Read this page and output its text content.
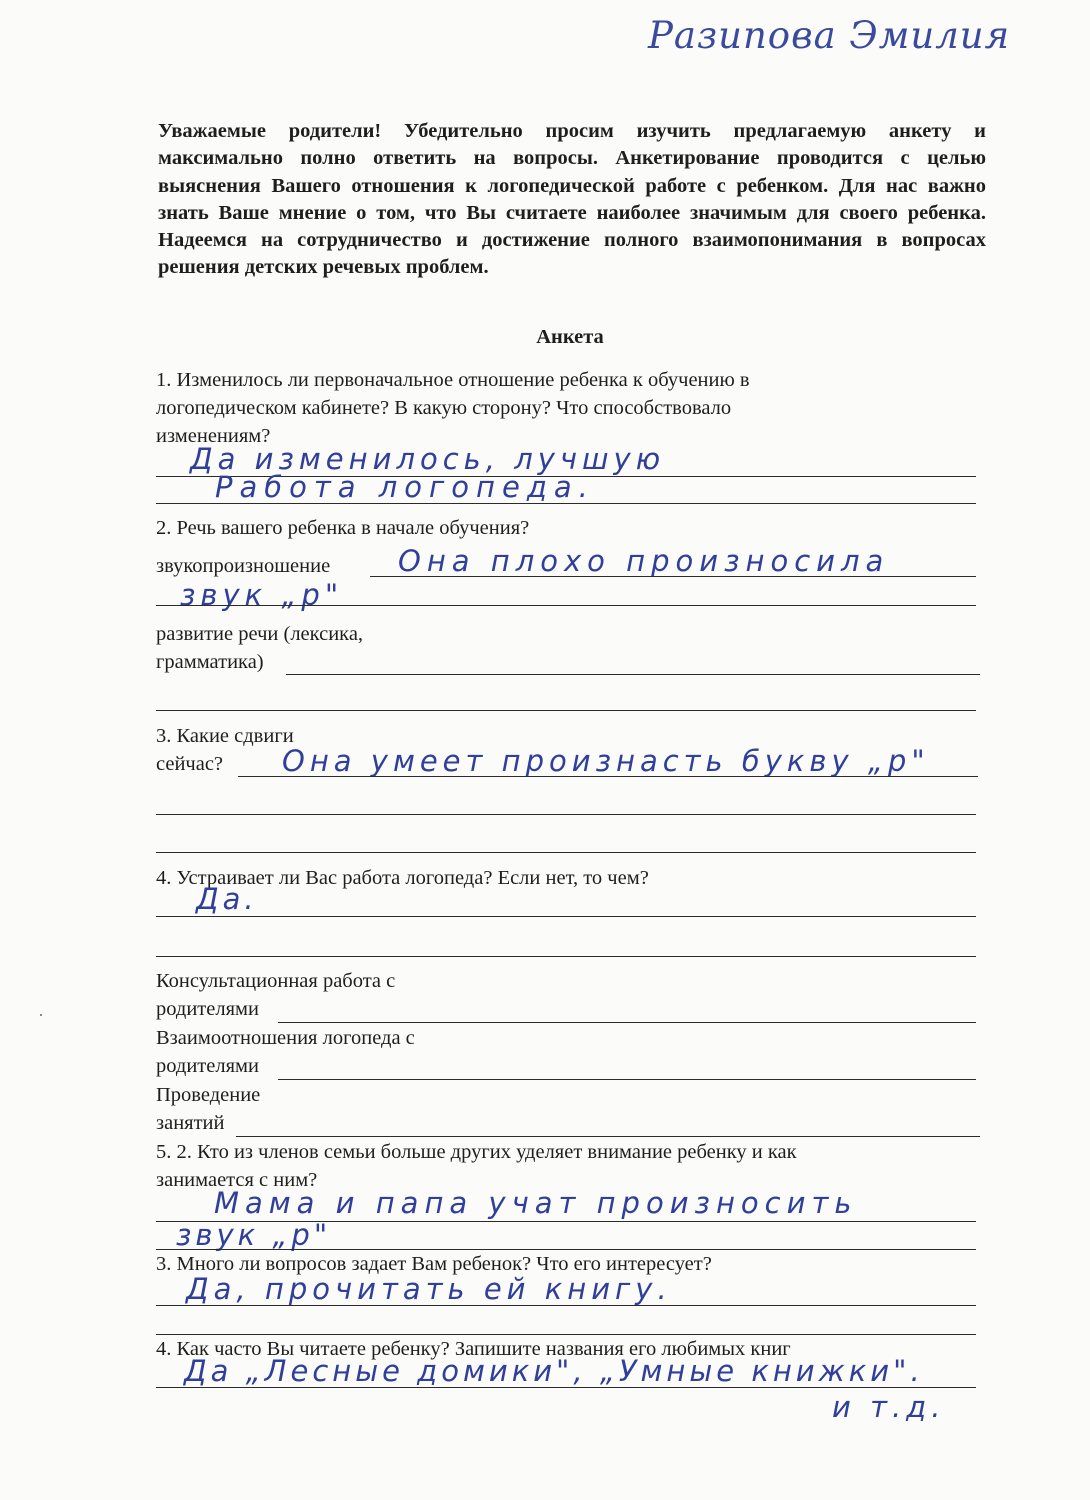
Разипова Эмилия

Уважаемые родители! Убедительно просим изучить предлагаемую анкету и максимально полно ответить на вопросы. Анкетирование проводится с целью выяснения Вашего отношения к логопедической работе с ребенком. Для нас важно знать Ваше мнение о том, что Вы считаете наиболее значимым для своего ребенка. Надеемся на сотрудничество и достижение полного взаимопонимания в вопросах решения детских речевых проблем.

Анкета

1. Изменилось ли первоначальное отношение ребенка к обучению в

логопедическом кабинете? В какую сторону? Что способствовало

изменениям?

Да изменилось, лучшую
Работа логопеда.

2. Речь вашего ребенка в начале обучения?

звукопроизношение Она плохо произносила
звук „р"

развитие речи (лексика,

грамматика)

3. Какие сдвиги

сейчас? Она умеет произнасть букву „р"

4. Устраивает ли Вас работа логопеда? Если нет, то чем?

Да.

Консультационная работа с

родителями

Взаимоотношения логопеда с

родителями

Проведение

занятий

5. 2. Кто из членов семьи больше других уделяет внимание ребенку и как

занимается с ним?

Мама и папа учат произносить
звук „р"

3. Много ли вопросов задает Вам ребенок? Что его интересует?

Да, прочитать ей книгу.

4. Как часто Вы читаете ребенку? Запишите названия его любимых книг

Да „Лесные домики", „Умные книжки".
и т.д.
